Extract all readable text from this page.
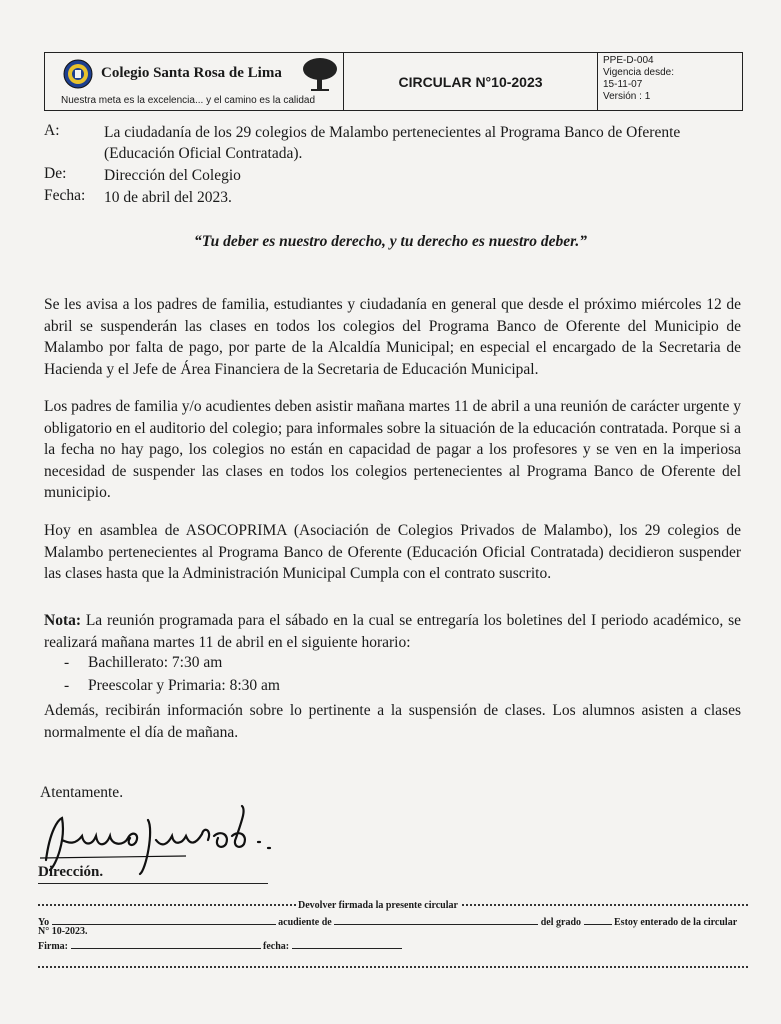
Colegio Santa Rosa de Lima
Nuestra meta es la excelencia... y el camino es la calidad
CIRCULAR N°10-2023
PPE-D-004
Vigencia desde:
15-11-07
Versión : 1
A:	La ciudadanía de los 29 colegios de Malambo pertenecientes al Programa Banco de Oferente
(Educación Oficial Contratada).
De: Dirección del Colegio
Fecha: 10 de abril del 2023.
“Tu deber es nuestro derecho, y tu derecho es nuestro deber.”
Se les avisa a los padres de familia, estudiantes y ciudadanía en general que desde el próximo miércoles 12 de abril se suspenderán las clases en todos los colegios del Programa Banco de Oferente del Municipio de Malambo por falta de pago, por parte de la Alcaldía Municipal; en especial el encargado de la Secretaria de Hacienda y el Jefe de Área Financiera de la Secretaria de Educación Municipal.
Los padres de familia y/o acudientes deben asistir mañana martes 11 de abril a una reunión de carácter urgente y obligatorio en el auditorio del colegio; para informales sobre la situación de la educación contratada. Porque si a la fecha no hay pago, los colegios no están en capacidad de pagar a los profesores y se ven en la imperiosa necesidad de suspender las clases en todos los colegios pertenecientes al Programa Banco de Oferente del municipio.
Hoy en asamblea de ASOCOPRIMA (Asociación de Colegios Privados de Malambo), los 29 colegios de Malambo pertenecientes al Programa Banco de Oferente (Educación Oficial Contratada) decidieron suspender las clases hasta que la Administración Municipal Cumpla con el contrato suscrito.
Nota: La reunión programada para el sábado en la cual se entregaría los boletines del I periodo académico, se realizará mañana martes 11 de abril en el siguiente horario:
- Bachillerato: 7:30 am
- Preescolar y Primaria: 8:30 am
Además, recibirán información sobre lo pertinente a la suspensión de clases. Los alumnos asisten a clases normalmente el día de mañana.
Atentamente.
Dirección.
Devolver firmada la presente circular
Yo	acudiente de	del grado	Estoy enterado de la circular
N° 10-2023.
Firma:	fecha:
